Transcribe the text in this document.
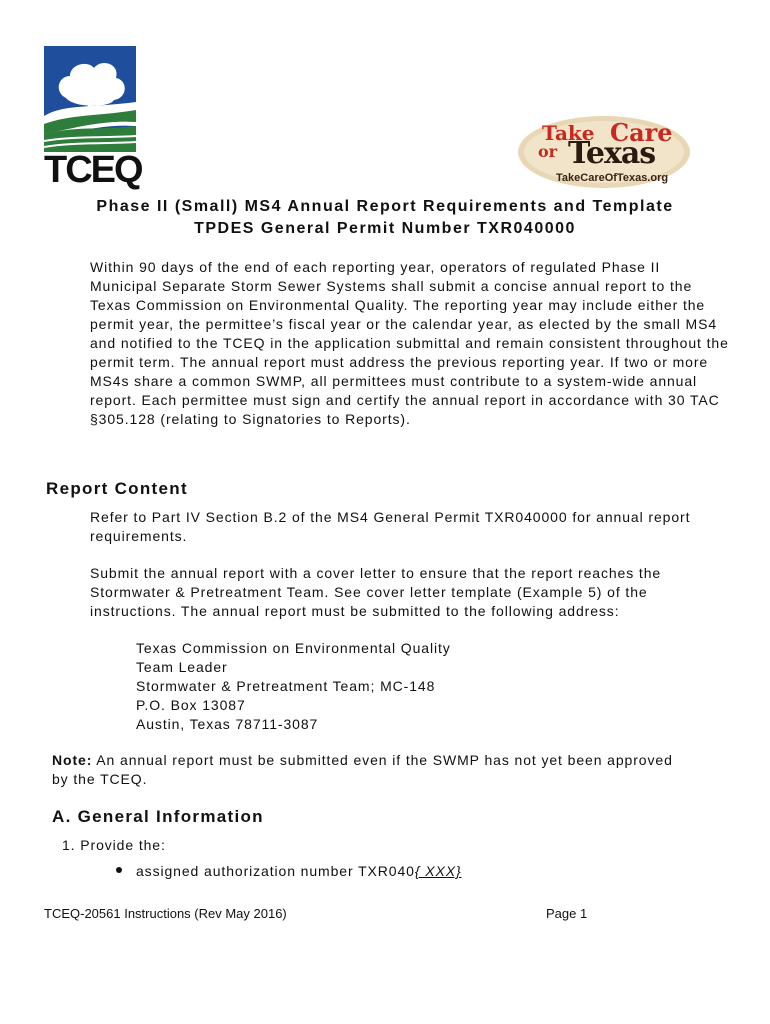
TCEQ
Take Care
or Texas
TakeCareOfTexas.org
Phase II (Small) MS4 Annual Report Requirements and Template
TPDES General Permit Number TXR040000

Within 90 days of the end of each reporting year, operators of regulated Phase II Municipal Separate Storm Sewer Systems shall submit a concise annual report to the Texas Commission on Environmental Quality. The reporting year may include either the permit year, the permittee’s fiscal year or the calendar year, as elected by the small MS4 and notified to the TCEQ in the application submittal and remain consistent throughout the permit term. The annual report must address the previous reporting year. If two or more MS4s share a common SWMP, all permittees must contribute to a system-wide annual report. Each permittee must sign and certify the annual report in accordance with 30 TAC §305.128 (relating to Signatories to Reports).

Report Content

Refer to Part IV Section B.2 of the MS4 General Permit TXR040000 for annual report requirements.

Submit the annual report with a cover letter to ensure that the report reaches the Stormwater & Pretreatment Team. See cover letter template (Example 5) of the instructions. The annual report must be submitted to the following address:

Texas Commission on Environmental Quality
Team Leader
Stormwater & Pretreatment Team; MC-148
P.O. Box 13087
Austin, Texas 78711-3087

Note: An annual report must be submitted even if the SWMP has not yet been approved by the TCEQ.

A. General Information

1. Provide the:

assigned authorization number TXR040{ XXX}
TCEQ-20561 Instructions (Rev May 2016)	Page 1
